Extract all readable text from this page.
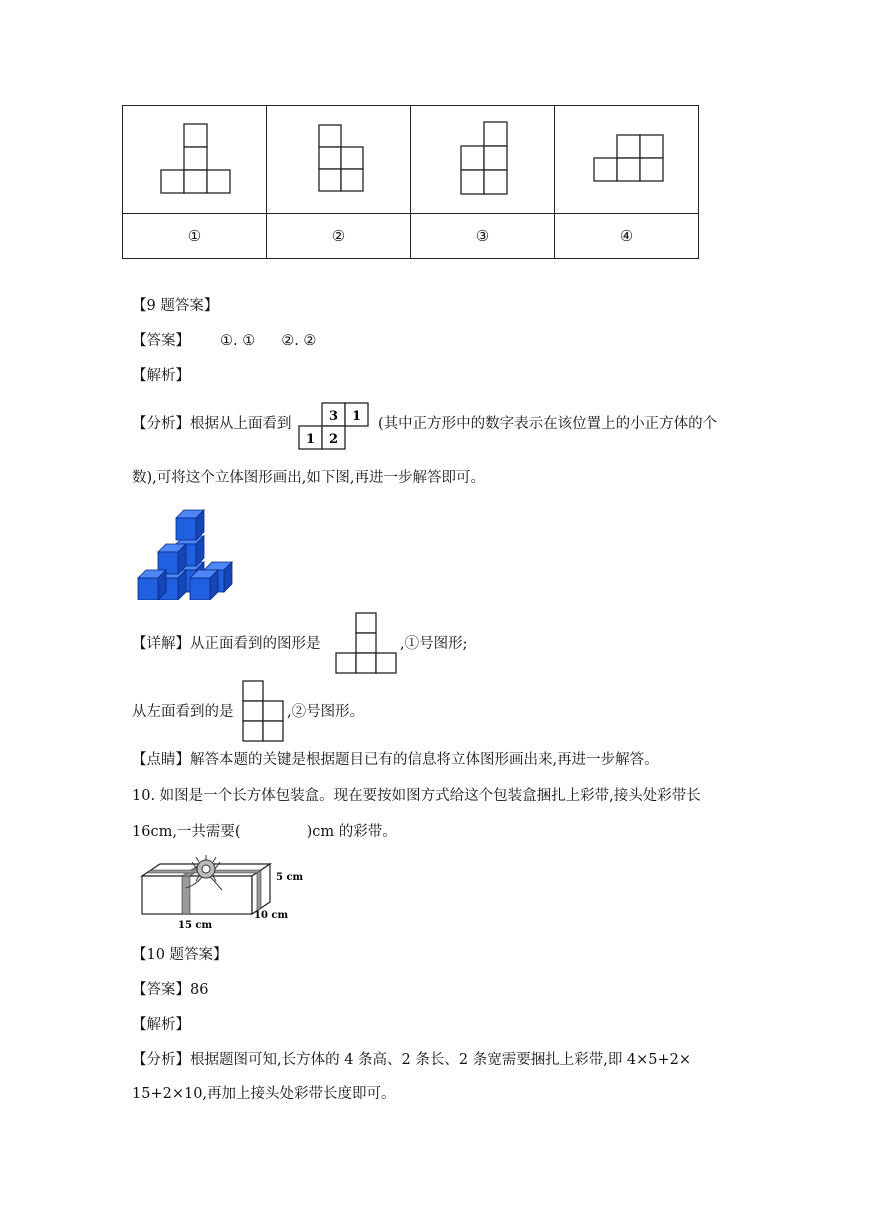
①	②	③	④
【9 题答案】
【答案】 ①. ① ②. ②
【解析】
【分析】根据从上面看到	3 1
1 2
(其中正方形中的数字表示在该位置上的小正方体的个
数),可将这个立体图形画出,如下图,再进一步解答即可。
【详解】从正面看到的图形是	,①号图形;
从左面看到的是	,②号图形。
【点睛】解答本题的关键是根据题目已有的信息将立体图形画出来,再进一步解答。
10. 如图是一个长方体包装盒。现在要按如图方式给这个包装盒捆扎上彩带,接头处彩带长
16cm,一共需要(	)cm 的彩带。
5 cm
15 cm
10 cm
【10 题答案】
【答案】86
【解析】
【分析】根据题图可知,长方体的 4 条高、2 条长、2 条宽需要捆扎上彩带,即 4×5+2×
15+2×10,再加上接头处彩带长度即可。
